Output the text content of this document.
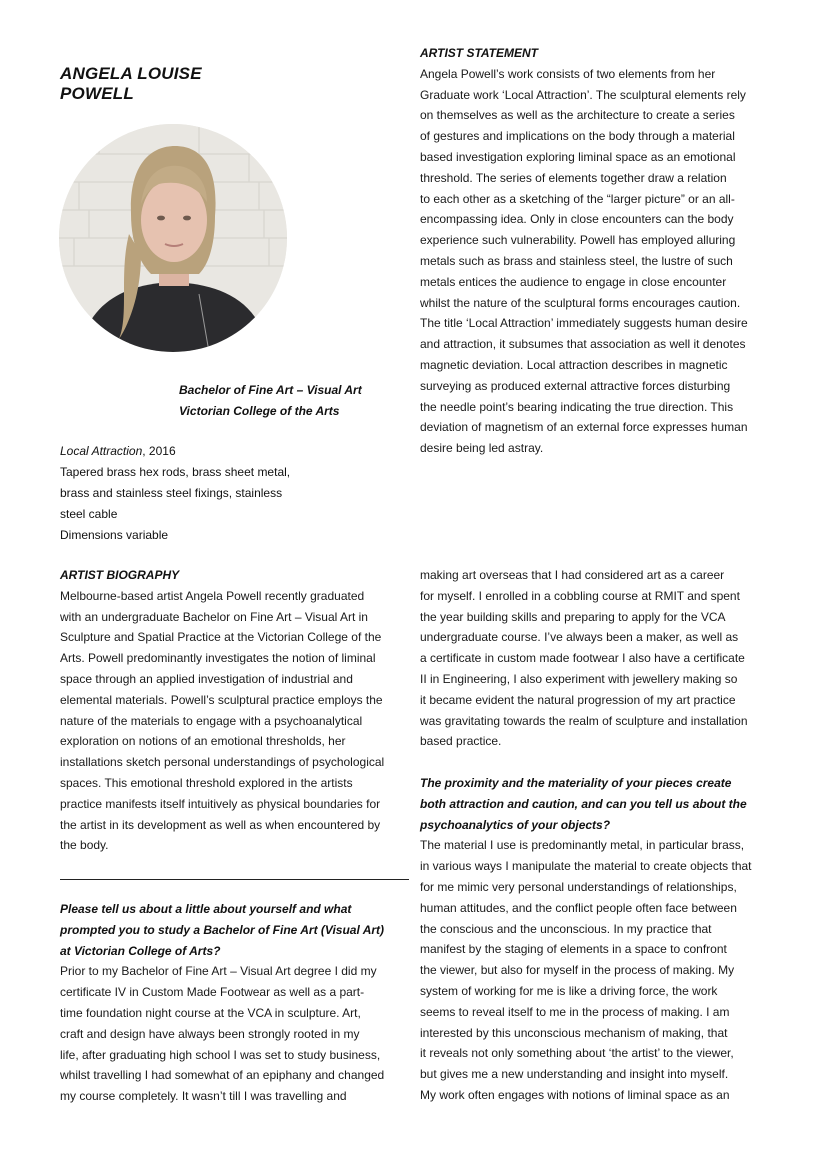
ANGELA LOUISE
POWELL
Bachelor of Fine Art – Visual Art
Victorian College of the Arts
Local Attraction, 2016
Tapered brass hex rods, brass sheet metal,
brass and stainless steel fixings, stainless
steel cable
Dimensions variable
ARTIST STATEMENT
Angela Powell’s work consists of two elements from her
Graduate work ‘Local Attraction’. The sculptural elements rely
on themselves as well as the architecture to create a series
of gestures and implications on the body through a material
based investigation exploring liminal space as an emotional
threshold. The series of elements together draw a relation
to each other as a sketching of the “larger picture” or an all-
encompassing idea. Only in close encounters can the body
experience such vulnerability. Powell has employed alluring
metals such as brass and stainless steel, the lustre of such
metals entices the audience to engage in close encounter
whilst the nature of the sculptural forms encourages caution.
The title ‘Local Attraction’ immediately suggests human desire
and attraction, it subsumes that association as well it denotes
magnetic deviation. Local attraction describes in magnetic
surveying as produced external attractive forces disturbing
the needle point’s bearing indicating the true direction. This
deviation of magnetism of an external force expresses human
desire being led astray.
ARTIST BIOGRAPHY
Melbourne-based artist Angela Powell recently graduated
with an undergraduate Bachelor on Fine Art – Visual Art in
Sculpture and Spatial Practice at the Victorian College of the
Arts. Powell predominantly investigates the notion of liminal
space through an applied investigation of industrial and
elemental materials. Powell’s sculptural practice employs the
nature of the materials to engage with a psychoanalytical
exploration on notions of an emotional thresholds, her
installations sketch personal understandings of psychological
spaces. This emotional threshold explored in the artists
practice manifests itself intuitively as physical boundaries for
the artist in its development as well as when encountered by
the body.
Please tell us about a little about yourself and what
prompted you to study a Bachelor of Fine Art (Visual Art)
at Victorian College of Arts?
Prior to my Bachelor of Fine Art – Visual Art degree I did my
certificate IV in Custom Made Footwear as well as a part-
time foundation night course at the VCA in sculpture. Art,
craft and design have always been strongly rooted in my
life, after graduating high school I was set to study business,
whilst travelling I had somewhat of an epiphany and changed
my course completely. It wasn’t till I was travelling and
making art overseas that I had considered art as a career
for myself. I enrolled in a cobbling course at RMIT and spent
the year building skills and preparing to apply for the VCA
undergraduate course. I’ve always been a maker, as well as
a certificate in custom made footwear I also have a certificate
II in Engineering, I also experiment with jewellery making so
it became evident the natural progression of my art practice
was gravitating towards the realm of sculpture and installation
based practice.
The proximity and the materiality of your pieces create
both attraction and caution, and can you tell us about the
psychoanalytics of your objects?
The material I use is predominantly metal, in particular brass,
in various ways I manipulate the material to create objects that
for me mimic very personal understandings of relationships,
human attitudes, and the conflict people often face between
the conscious and the unconscious. In my practice that
manifest by the staging of elements in a space to confront
the viewer, but also for myself in the process of making. My
system of working for me is like a driving force, the work
seems to reveal itself to me in the process of making. I am
interested by this unconscious mechanism of making, that
it reveals not only something about ‘the artist’ to the viewer,
but gives me a new understanding and insight into myself.
My work often engages with notions of liminal space as an
